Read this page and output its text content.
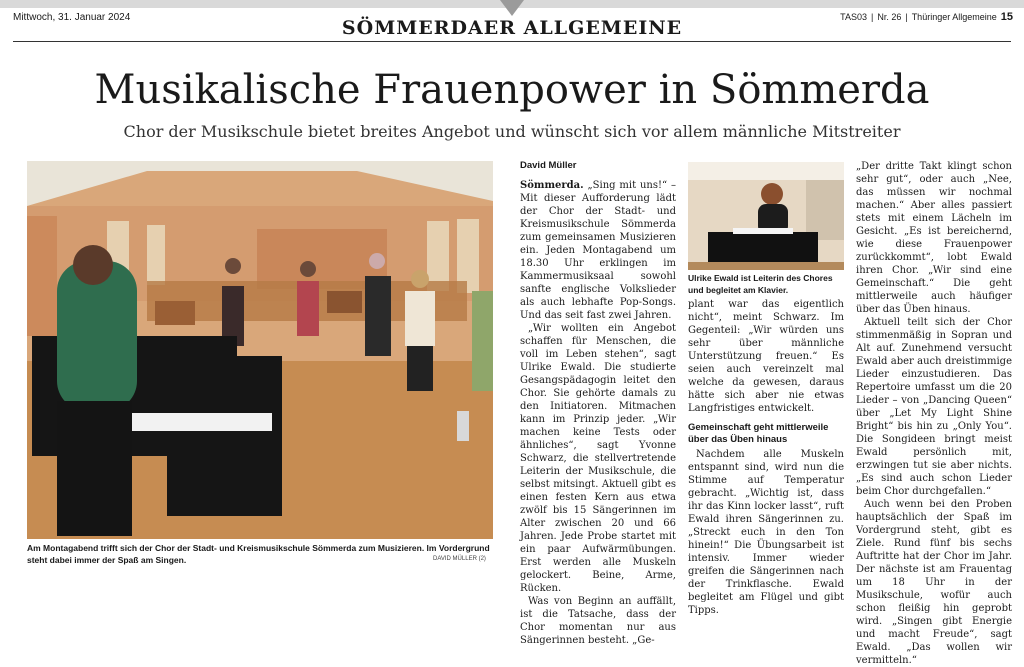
Mittwoch, 31. Januar 2024	TAS03 | Nr. 26 | Thüringer Allgemeine 15
SÖMMERDAER ALLGEMEINE
Musikalische Frauenpower in Sömmerda
Chor der Musikschule bietet breites Angebot und wünscht sich vor allem männliche Mitstreiter
Am Montagabend trifft sich der Chor der Stadt- und Kreismusikschule Sömmerda zum Musizieren. Im Vordergrund steht dabei immer der Spaß am Singen.	DAVID MÜLLER (2)
David Müller

Sömmerda. „Sing mit uns!“ – Mit dieser Aufforderung lädt der Chor der Stadt- und Kreismusikschule Sömmerda zum gemeinsamen Musizieren ein. Jeden Montagabend um 18.30 Uhr erklingen im Kammermusiksaal sowohl sanfte englische Volkslieder als auch lebhafte Pop-Songs. Und das seit fast zwei Jahren.

„Wir wollten ein Angebot schaffen für Menschen, die voll im Leben stehen“, sagt Ulrike Ewald. Die studierte Gesangspädagogin leitet den Chor. Sie gehörte damals zu den Initiatoren. Mitmachen kann im Prinzip jeder. „Wir machen keine Tests oder ähnliches“, sagt Yvonne Schwarz, die stellvertretende Leiterin der Musikschule, die selbst mitsingt. Aktuell gibt es einen festen Kern aus etwa zwölf bis 15 Sängerinnen im Alter zwischen 20 und 66 Jahren. Jede Probe startet mit ein paar Aufwärmübungen. Erst werden alle Muskeln gelockert. Beine, Arme, Rücken.

Was von Beginn an auffällt, ist die Tatsache, dass der Chor momentan nur aus Sängerinnen besteht. „Ge-

Ulrike Ewald ist Leiterin des Chores und begleitet am Klavier.

plant war das eigentlich nicht“, meint Schwarz. Im Gegenteil: „Wir würden uns sehr über männliche Unterstützung freuen.“ Es seien auch vereinzelt mal welche da gewesen, daraus hätte sich aber nie etwas Langfristiges entwickelt.

Gemeinschaft geht mittlerweile über das Üben hinaus

Nachdem alle Muskeln entspannt sind, wird nun die Stimme auf Temperatur gebracht. „Wichtig ist, dass ihr das Kinn locker lasst“, ruft Ewald ihren Sängerinnen zu. „Streckt euch in den Ton hinein!“ Die Übungsarbeit ist intensiv. Immer wieder greifen die Sängerinnen nach der Trinkflasche. Ewald begleitet am Flügel und gibt Tipps.

„Der dritte Takt klingt schon sehr gut“, oder auch „Nee, das müssen wir nochmal machen.“ Aber alles passiert stets mit einem Lächeln im Gesicht. „Es ist bereichernd, wie diese Frauenpower zurückkommt“, lobt Ewald ihren Chor. „Wir sind eine Gemeinschaft.“ Die geht mittlerweile auch häufiger über das Üben hinaus.

Aktuell teilt sich der Chor stimmenmäßig in Sopran und Alt auf. Zunehmend versucht Ewald aber auch dreistimmige Lieder einzustudieren. Das Repertoire umfasst um die 20 Lieder – von „Dancing Queen“ über „Let My Light Shine Bright“ bis hin zu „Only You“. Die Songideen bringt meist Ewald persönlich mit, erzwingen tut sie aber nichts. „Es sind auch schon Lieder beim Chor durchgefallen.“

Auch wenn bei den Proben hauptsächlich der Spaß im Vordergrund steht, gibt es Ziele. Rund fünf bis sechs Auftritte hat der Chor im Jahr. Der nächste ist am Frauentag um 18 Uhr in der Musikschule, wofür auch schon fleißig hin geprobt wird. „Singen gibt Energie und macht Freude“, sagt Ewald. „Das wollen wir vermitteln.“
